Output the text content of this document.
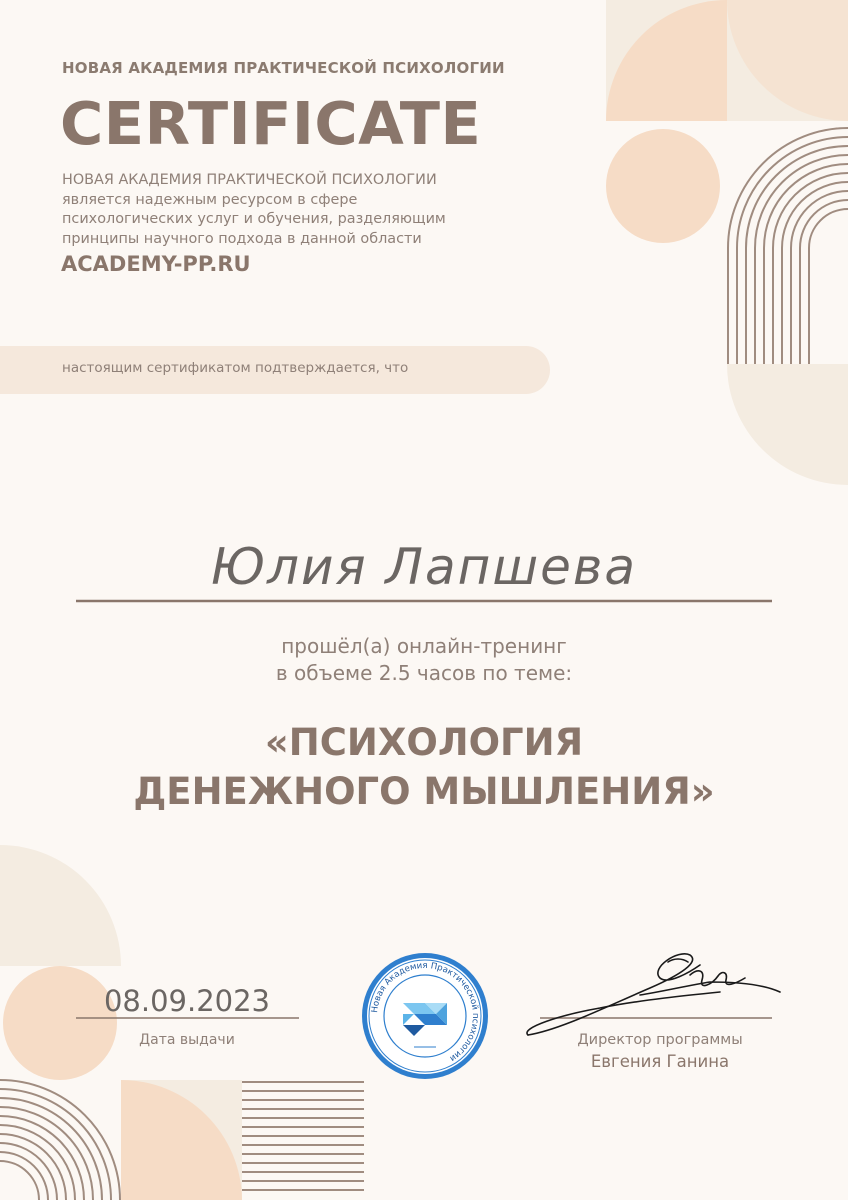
Новая Академия Практической психологии
НОВАЯ АКАДЕМИЯ ПРАКТИЧЕСКОЙ ПСИХОЛОГИИ
CERTIFICATE
НОВАЯ АКАДЕМИЯ ПРАКТИЧЕСКОЙ ПСИХОЛОГИИ
является надежным ресурсом в сфере
психологических услуг и обучения, разделяющим
принципы научного подхода в данной области
ACADEMY-PP.RU
настоящим сертификатом подтверждается, что
Юлия Лапшева
прошёл(а) онлайн-тренинг
в объеме 2.5 часов по теме:
«ПСИХОЛОГИЯ
ДЕНЕЖНОГО МЫШЛЕНИЯ»
08.09.2023
Дата выдачи	Директор программы
Евгения Ганина
